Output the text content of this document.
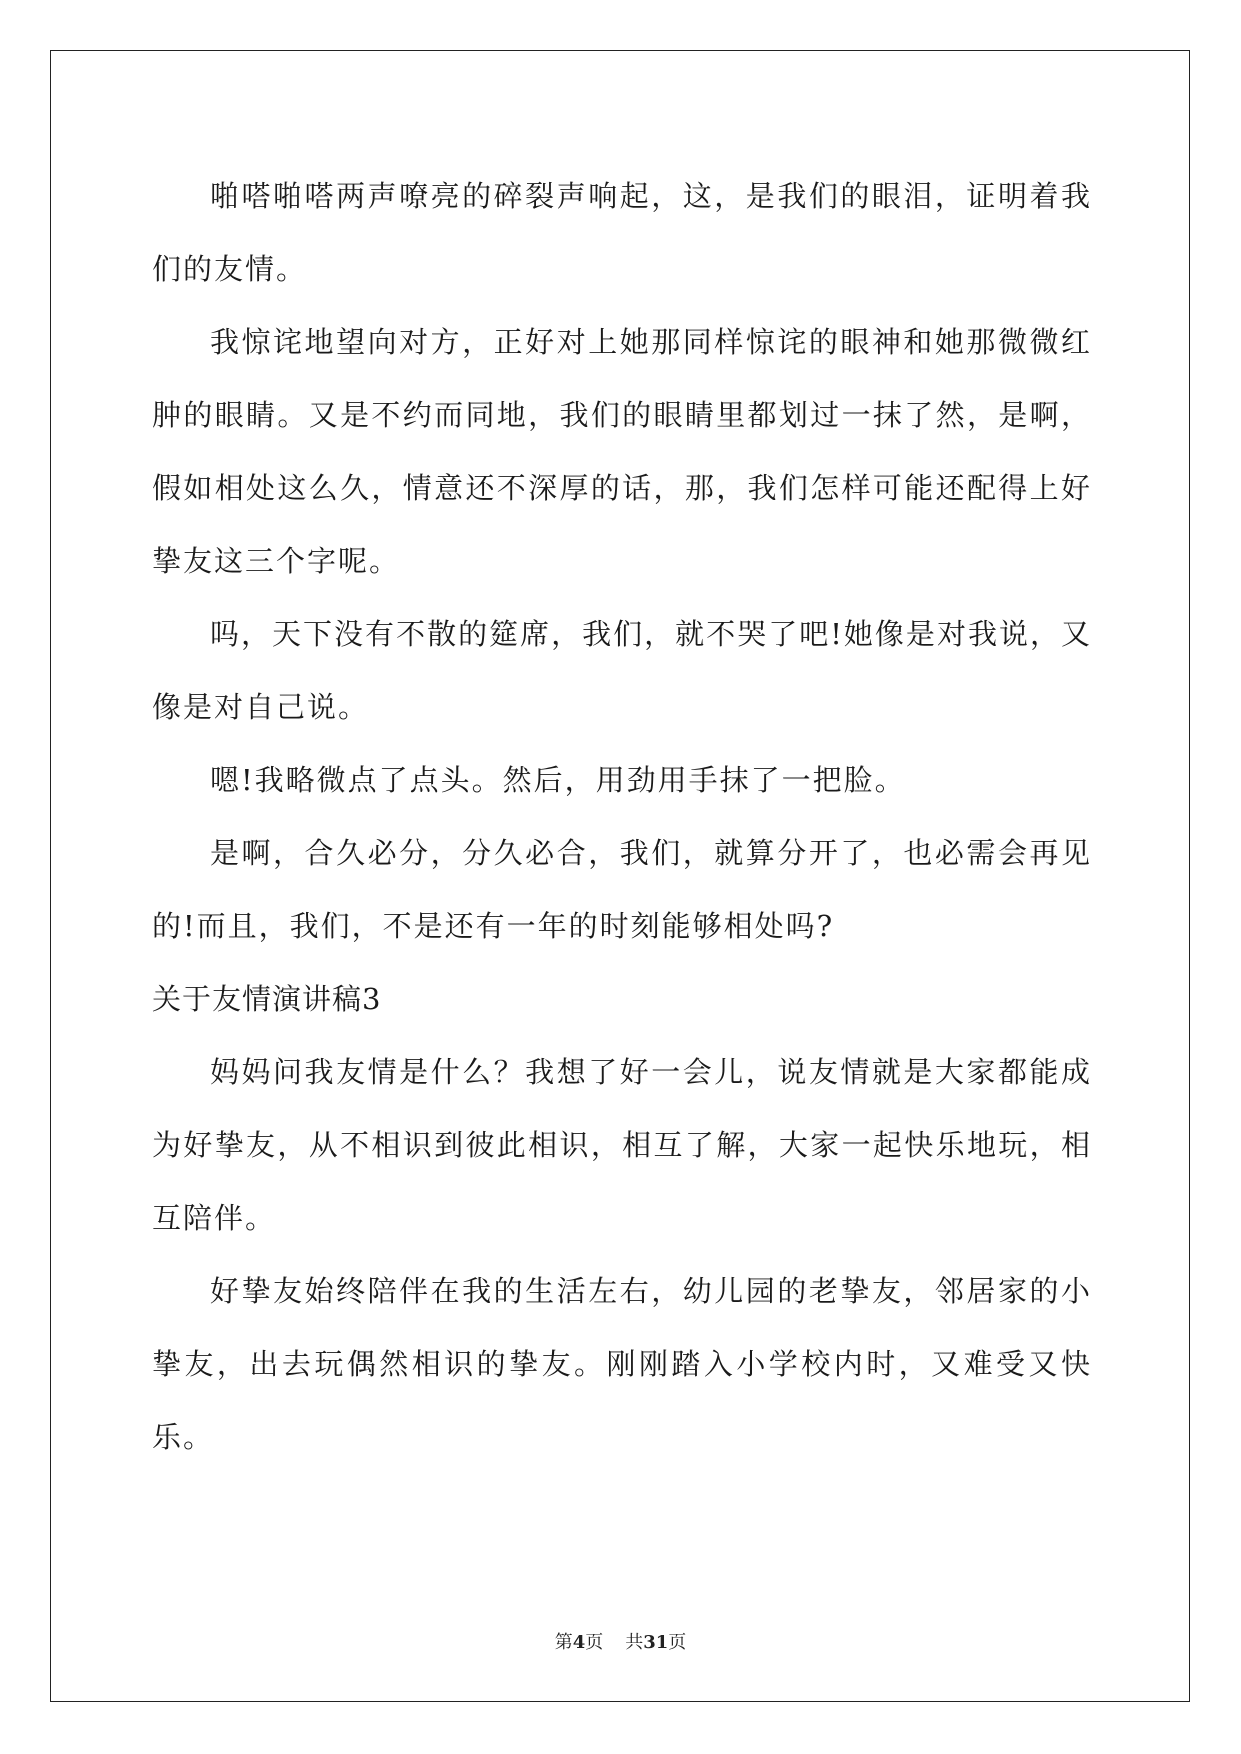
啪嗒啪嗒两声嘹亮的碎裂声响起，这，是我们的眼泪，证明着我们的友情。

我惊诧地望向对方，正好对上她那同样惊诧的眼神和她那微微红肿的眼睛。又是不约而同地，我们的眼睛里都划过一抹了然，是啊，假如相处这么久，情意还不深厚的话，那，我们怎样可能还配得上好挚友这三个字呢。

吗，天下没有不散的筵席，我们，就不哭了吧!她像是对我说，又像是对自己说。

嗯!我略微点了点头。然后，用劲用手抹了一把脸。

是啊，合久必分，分久必合，我们，就算分开了，也必需会再见的!而且，我们，不是还有一年的时刻能够相处吗?

关于友情演讲稿3

妈妈问我友情是什么？我想了好一会儿，说友情就是大家都能成为好挚友，从不相识到彼此相识，相互了解，大家一起快乐地玩，相互陪伴。

好挚友始终陪伴在我的生活左右，幼儿园的老挚友，邻居家的小挚友，出去玩偶然相识的挚友。刚刚踏入小学校内时，又难受又快乐。

第4页 共31页
